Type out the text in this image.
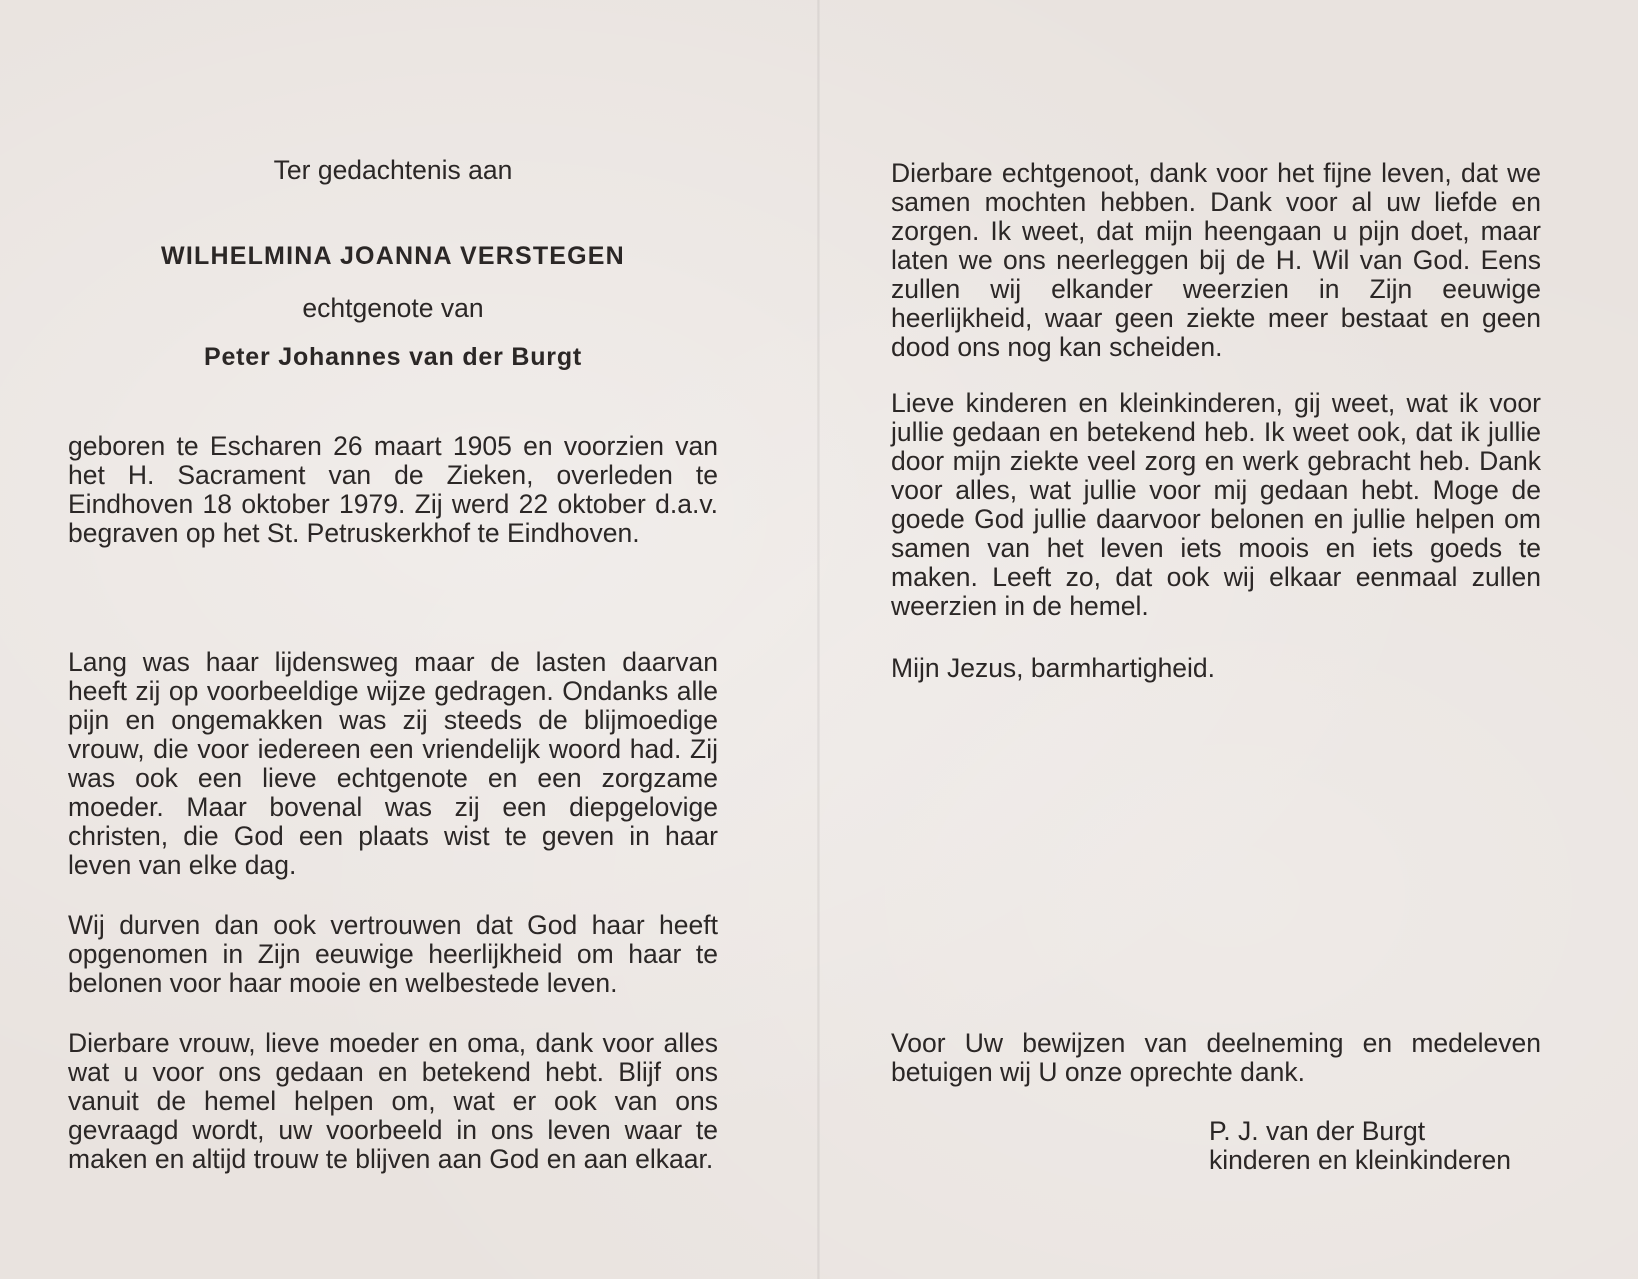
Ter gedachtenis aan
WILHELMINA JOANNA VERSTEGEN
echtgenote van
Peter Johannes van der Burgt

geboren te Escharen 26 maart 1905 en voorzien van het H. Sacrament van de Zieken, overleden te Eindhoven 18 oktober 1979. Zij werd 22 oktober d.a.v. begraven op het St. Petruskerkhof te Eindhoven.

Lang was haar lijdensweg maar de lasten daarvan heeft zij op voorbeeldige wijze gedragen. Ondanks alle pijn en ongemakken was zij steeds de blijmoedige vrouw, die voor iedereen een vriendelijk woord had. Zij was ook een lieve echtgenote en een zorgzame moeder. Maar bovenal was zij een diepgelovige christen, die God een plaats wist te geven in haar leven van elke dag.

Wij durven dan ook vertrouwen dat God haar heeft opgenomen in Zijn eeuwige heerlijkheid om haar te belonen voor haar mooie en welbestede leven.

Dierbare vrouw, lieve moeder en oma, dank voor alles wat u voor ons gedaan en betekend hebt. Blijf ons vanuit de hemel helpen om, wat er ook van ons gevraagd wordt, uw voorbeeld in ons leven waar te maken en altijd trouw te blijven aan God en aan elkaar.

Dierbare echtgenoot, dank voor het fijne leven, dat we samen mochten hebben. Dank voor al uw liefde en zorgen. Ik weet, dat mijn heengaan u pijn doet, maar laten we ons neerleggen bij de H. Wil van God. Eens zullen wij elkander weerzien in Zijn eeuwige heerlijkheid, waar geen ziekte meer bestaat en geen dood ons nog kan scheiden.

Lieve kinderen en kleinkinderen, gij weet, wat ik voor jullie gedaan en betekend heb. Ik weet ook, dat ik jullie door mijn ziekte veel zorg en werk gebracht heb. Dank voor alles, wat jullie voor mij gedaan hebt. Moge de goede God jullie daarvoor belonen en jullie helpen om samen van het leven iets moois en iets goeds te maken. Leeft zo, dat ook wij elkaar eenmaal zullen weerzien in de hemel.

Mijn Jezus, barmhartigheid.

Voor Uw bewijzen van deelneming en medeleven betuigen wij U onze oprechte dank.

P. J. van der Burgt
kinderen en kleinkinderen
